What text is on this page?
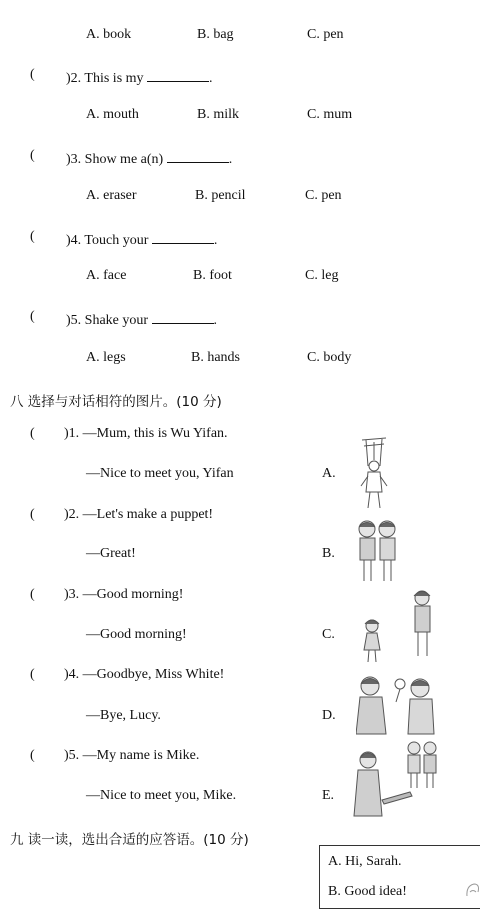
A. book	B. bag	C. pen
( )2. This is my	.
A. mouth	B. milk	C. mum
( )3. Show me a(n)	.
A. eraser	B. pencil	C. pen
( )4. Touch your	.
A. face	B. foot	C. leg
( )5. Shake your	.
A. legs	B. hands	C. body
八 选择与对话相符的图片。(10 分)
( )1. —Mum, this is Wu Yifan.
—Nice to meet you, Yifan	A.
( )2. —Let's make a puppet!
—Great!	B.
( )3. —Good morning!
—Good morning!	C.
( )4. —Goodbye, Miss White!
—Bye, Lucy.	D.
( )5. —My name is Mike.
—Nice to meet you, Mike.	E.
九 读一读，选出合适的应答语。(10 分)
A. Hi, Sarah.
B. Good idea!
